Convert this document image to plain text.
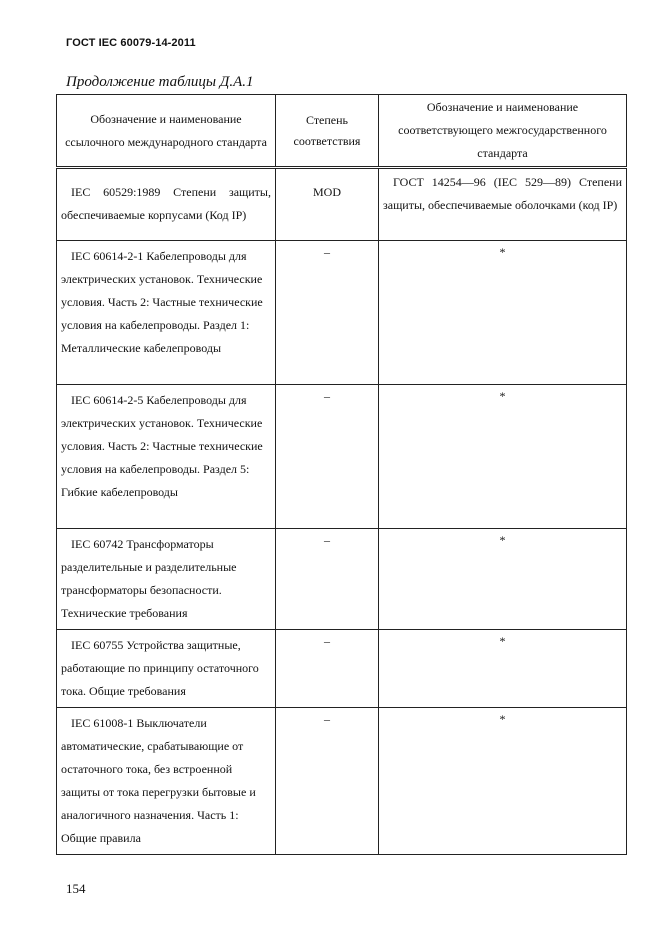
ГОСТ IEC 60079-14-2011
Продолжение таблицы Д.А.1
Обозначение и наименование ссылочного международного стандарта	Степень соответствия	Обозначение и наименование соответствующего межгосударственного стандарта

IEC 60529:1989 Степени защиты, обеспечиваемые корпусами (Код IP)	MOD	ГОСТ 14254—96 (IEC 529—89) Степени защиты, обеспечиваемые оболочками (код IP)

IEC 60614-2-1 Кабелепроводы для электрических установок. Технические условия. Часть 2: Частные технические условия на кабелепроводы. Раздел 1: Металлические кабелепроводы	–	*

IEC 60614-2-5 Кабелепроводы для электрических установок. Технические условия. Часть 2: Частные технические условия на кабелепроводы. Раздел 5: Гибкие кабелепроводы	–	*

IEC 60742 Трансформаторы разделительные и разделительные трансформаторы безопасности. Технические требования	–	*

IEC 60755 Устройства защитные, работающие по принципу остаточного тока. Общие требования	–	*

IEC 61008-1 Выключатели автоматические, срабатывающие от остаточного тока, без встроенной защиты от тока перегрузки бытовые и аналогичного назначения. Часть 1: Общие правила	–	*
154
